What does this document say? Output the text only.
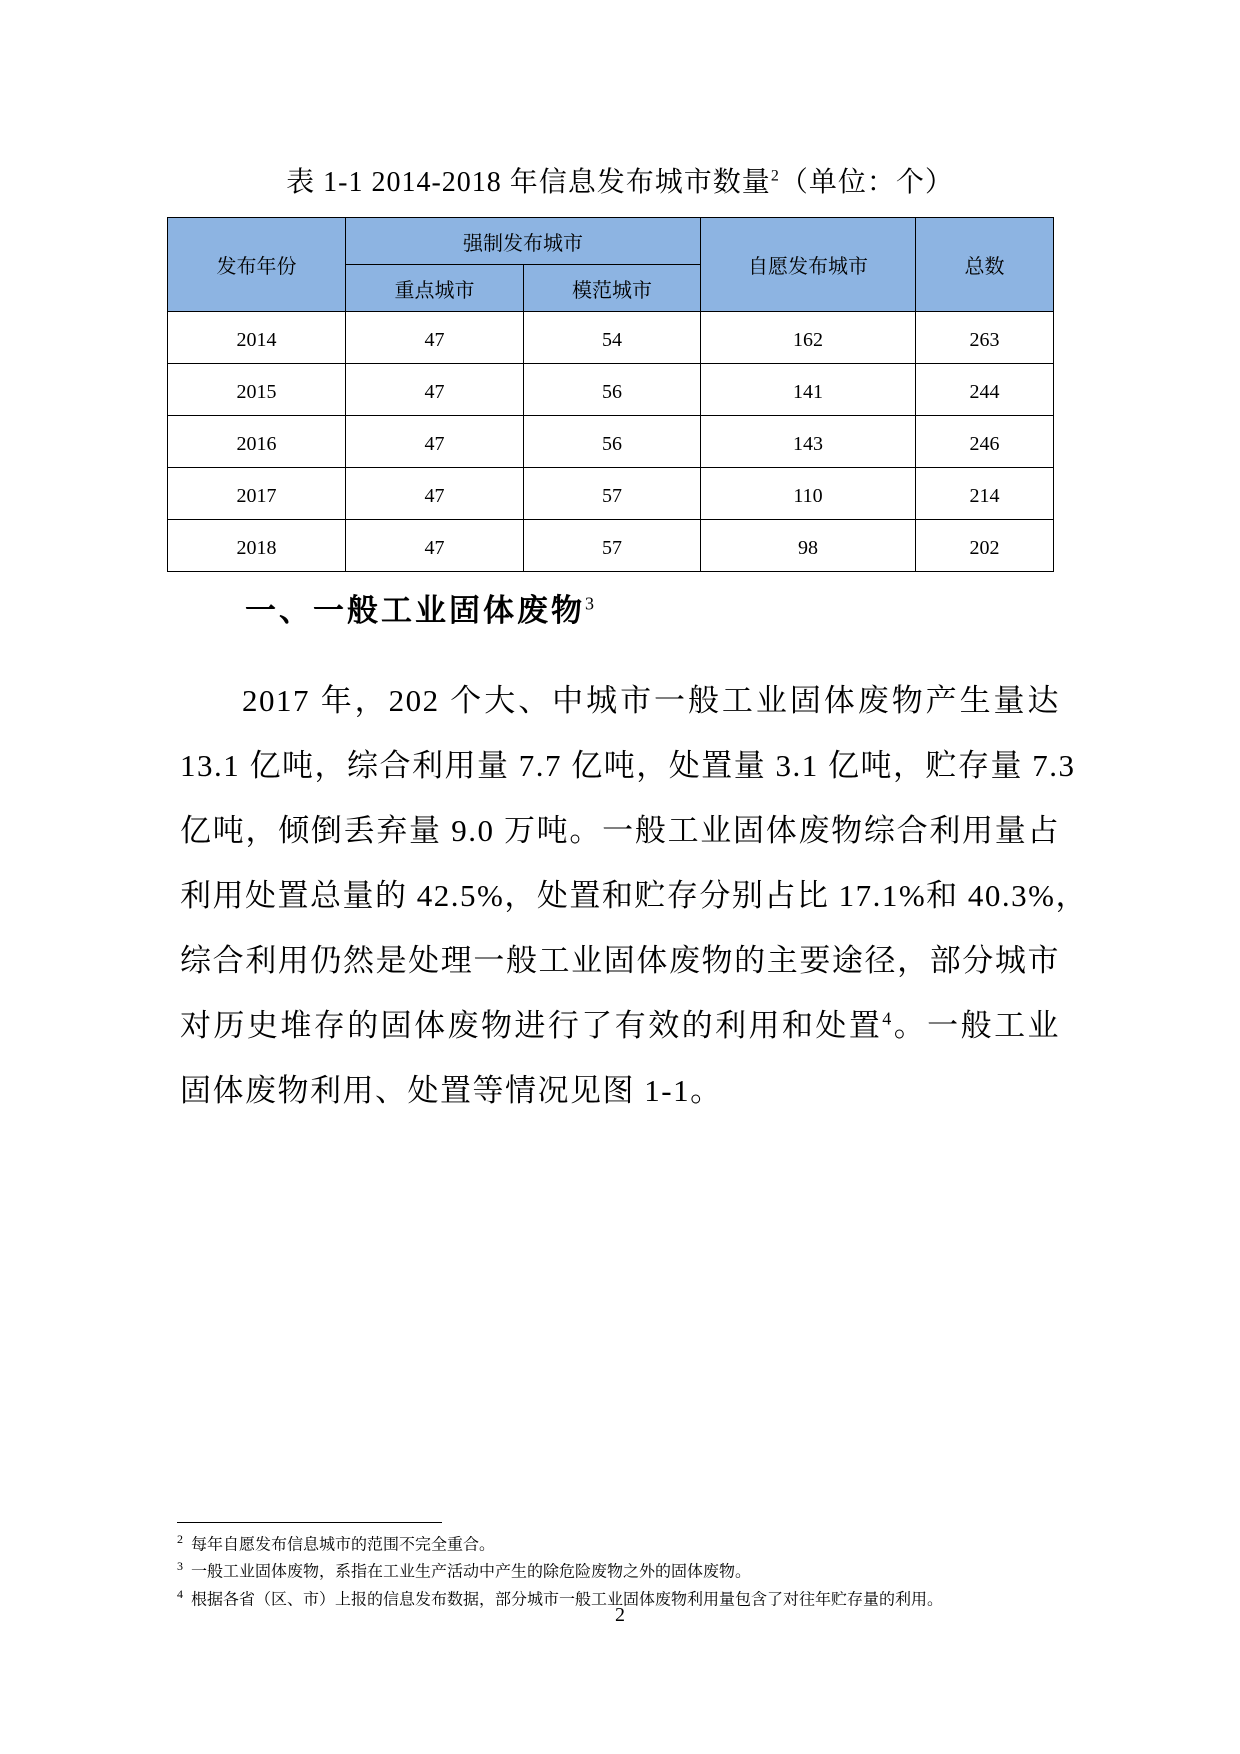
表 1-1 2014-2018 年信息发布城市数量$^2$（单位：个）
发布年份	强制发布城市		自愿发布城市	总数
	重点城市	模范城市		
2014	47	54	162	263
2015	47	56	141	244
2016	47	56	143	246
2017	47	57	110	214
2018	47	57	98	202
一、一般工业固体废物$^3$
2017 年，202 个大、中城市一般工业固体废物产生量达
13.1 亿吨，综合利用量 7.7 亿吨，处置量 3.1 亿吨，贮存量 7.3
亿吨，倾倒丢弃量 9.0 万吨。一般工业固体废物综合利用量占
利用处置总量的 42.5%，处置和贮存分别占比 17.1%和 40.3%，
综合利用仍然是处理一般工业固体废物的主要途径，部分城市
对历史堆存的固体废物进行了有效的利用和处置$^4$。一般工业
固体废物利用、处置等情况见图 1-1。
$^2$ 每年自愿发布信息城市的范围不完全重合。
$^3$ 一般工业固体废物，系指在工业生产活动中产生的除危险废物之外的固体废物。
$^4$ 根据各省（区、市）上报的信息发布数据，部分城市一般工业固体废物利用量包含了对往年贮存量的利用。
2
